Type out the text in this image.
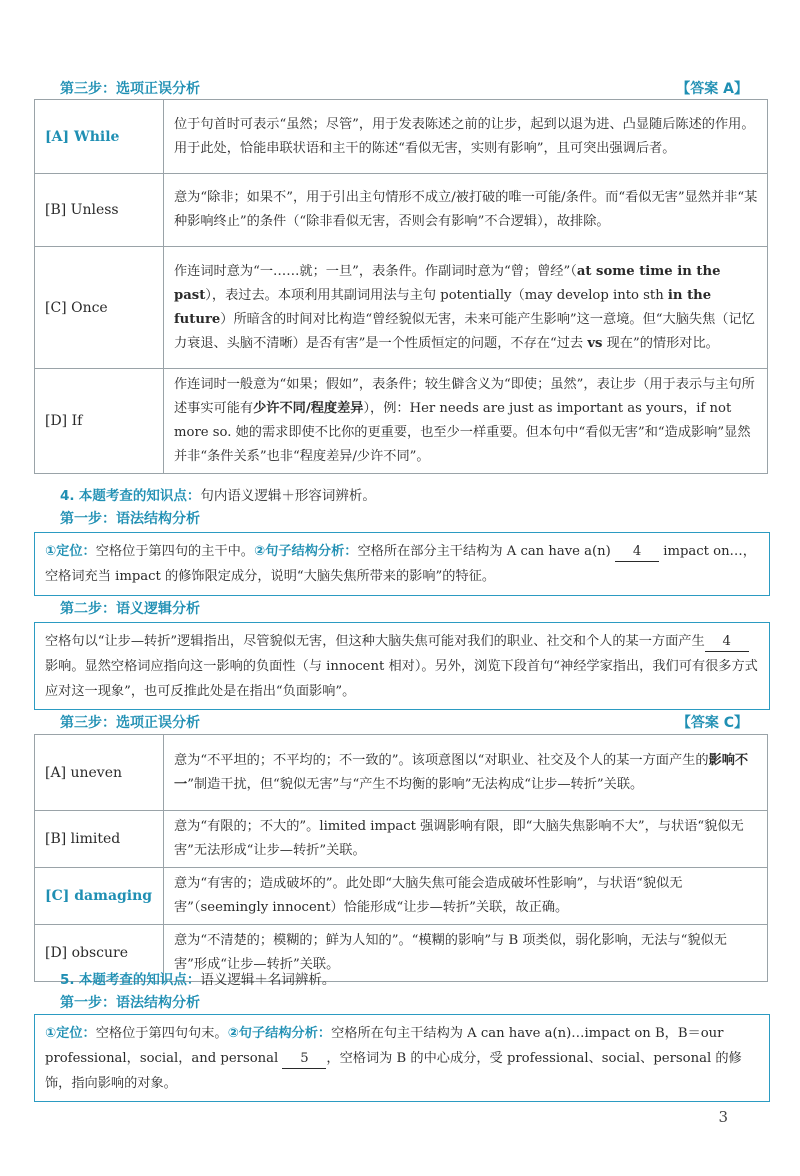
第三步：选项正误分析	【答案 A】
[A] While	位于句首时可表示“虽然；尽管”，用于发表陈述之前的让步，起到以退为进、凸显随后陈述的作用。用于此处，恰能串联状语和主干的陈述“看似无害，实则有影响”，且可突出强调后者。
[B] Unless	意为“除非；如果不”，用于引出主句情形不成立/被打破的唯一可能/条件。而“看似无害”显然并非“某种影响终止”的条件（“除非看似无害，否则会有影响”不合逻辑），故排除。
[C] Once	作连词时意为“一……就；一旦”，表条件。作副词时意为“曾；曾经”（at some time in the past），表过去。本项利用其副词用法与主句 potentially（may develop into sth in the future）所暗含的时间对比构造“曾经貌似无害，未来可能产生影响”这一意境。但“大脑失焦（记忆力衰退、头脑不清晰）是否有害”是一个性质恒定的问题，不存在“过去 vs 现在”的情形对比。
[D] If	作连词时一般意为“如果；假如”，表条件；较生僻含义为“即使；虽然”，表让步（用于表示与主句所述事实可能有少许不同/程度差异），例：Her needs are just as important as yours，if not more so. 她的需求即使不比你的更重要，也至少一样重要。但本句中“看似无害”和“造成影响”显然并非“条件关系”也非“程度差异/少许不同”。
4. 本题考查的知识点：句内语义逻辑＋形容词辨析。
第一步：语法结构分析
①定位：空格位于第四句的主干中。②句子结构分析：空格所在部分主干结构为 A can have a(n) 4 impact on…，空格词充当 impact 的修饰限定成分，说明“大脑失焦所带来的影响”的特征。
第二步：语义逻辑分析
空格句以“让步—转折”逻辑指出，尽管貌似无害，但这种大脑失焦可能对我们的职业、社交和个人的某一方面产生 4影响。显然空格词应指向这一影响的负面性（与 innocent 相对）。另外，浏览下段首句“神经学家指出，我们可有很多方式应对这一现象”，也可反推此处是在指出“负面影响”。
第三步：选项正误分析	【答案 C】
[A] uneven	意为“不平坦的；不平均的；不一致的”。该项意图以“对职业、社交及个人的某一方面产生的影响不一”制造干扰，但“貌似无害”与“产生不均衡的影响”无法构成“让步—转折”关联。
[B] limited	意为“有限的；不大的”。limited impact 强调影响有限，即“大脑失焦影响不大”，与状语“貌似无害”无法形成“让步—转折”关联。
[C] damaging	意为“有害的；造成破坏的”。此处即“大脑失焦可能会造成破坏性影响”，与状语“貌似无害”（seemingly innocent）恰能形成“让步—转折”关联，故正确。
[D] obscure	意为“不清楚的；模糊的；鲜为人知的”。“模糊的影响”与 B 项类似，弱化影响，无法与“貌似无害”形成“让步—转折”关联。
5. 本题考查的知识点：语义逻辑＋名词辨析。
第一步：语法结构分析
①定位：空格位于第四句句末。②句子结构分析：空格所在句主干结构为 A can have a(n)…impact on B，B＝our professional，social，and personal 5 ，空格词为 B 的中心成分，受 professional、social、personal 的修饰，指向影响的对象。
3
